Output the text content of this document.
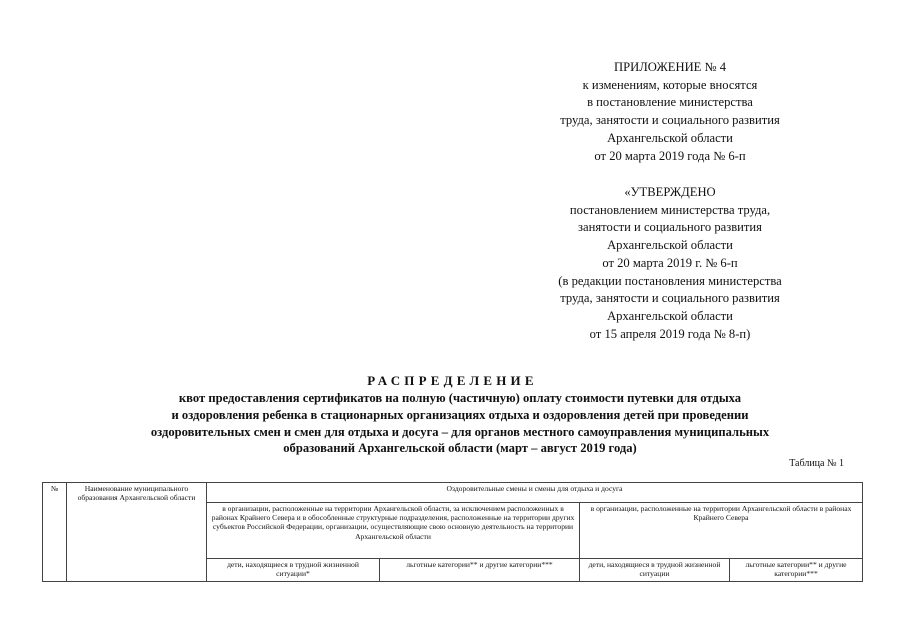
ПРИЛОЖЕНИЕ № 4
к изменениям, которые вносятся
в постановление министерства
труда, занятости и социального развития
Архангельской области
от 20 марта 2019 года № 6-п
«УТВЕРЖДЕНО
постановлением министерства труда,
занятости и социального развития
Архангельской области
от 20 марта 2019 г. № 6-п
(в редакции постановления министерства
труда, занятости и социального развития
Архангельской области
от 15 апреля 2019 года № 8-п)
РАСПРЕДЕЛЕНИЕ
квот предоставления сертификатов на полную (частичную) оплату стоимости путевки для отдыха
и оздоровления ребенка в стационарных организациях отдыха и оздоровления детей при проведении
оздоровительных смен и смен для отдыха и досуга – для органов местного самоуправления муниципальных
образований Архангельской области (март – август 2019 года)
Таблица № 1
№	Наименование муниципального образования Архангельской области	Оздоровительные смены и смены для отдыха и досуга			
		в организации, расположенные на территории Архангельской области, за исключением расположенных в районах Крайнего Севера и в обособленные структурные подразделения, расположенные на территории других субъектов Российской Федерации, организации, осуществляющие свою основную деятельность на территории Архангельской области		в организации, расположенные на территории Архангельской области в районах Крайнего Севера	
		дети, находящиеся в трудной жизненной ситуации*	льготные категории** и другие категории***	дети, находящиеся в трудной жизненной ситуации	льготные категории** и другие категории***
